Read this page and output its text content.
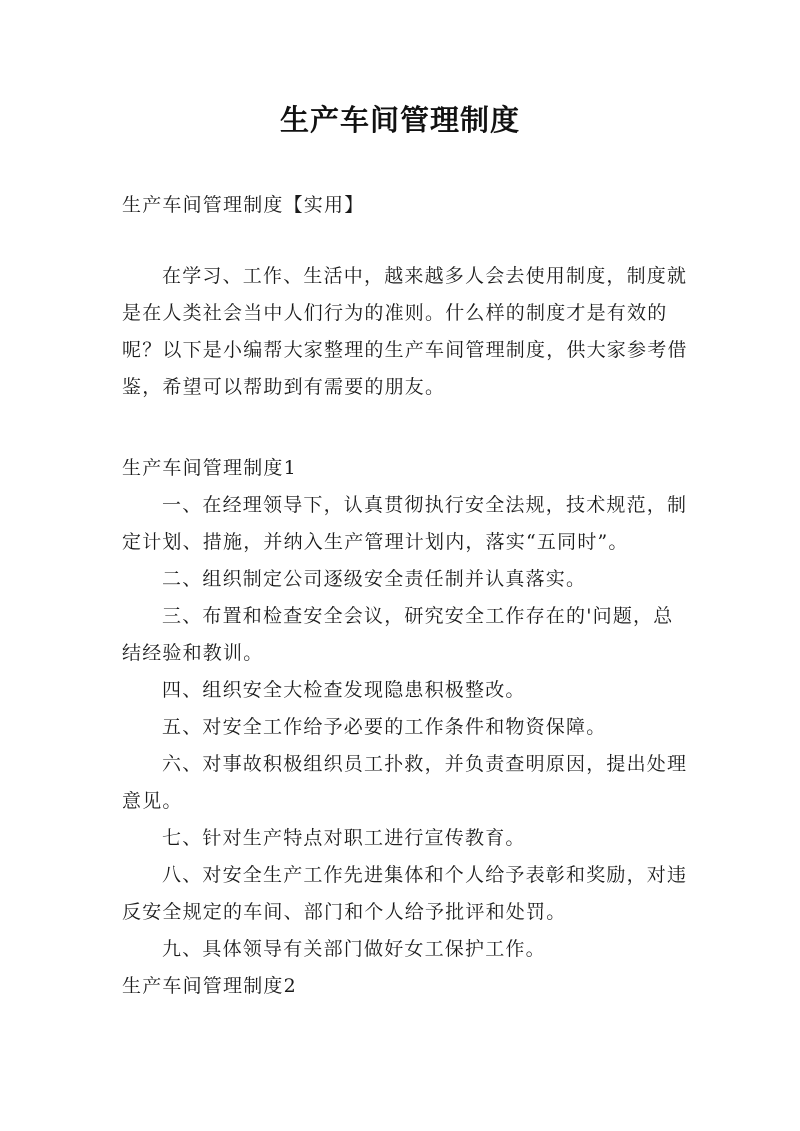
生产车间管理制度
生产车间管理制度【实用】
在学习、工作、生活中，越来越多人会去使用制度，制度就是在人类社会当中人们行为的准则。什么样的制度才是有效的呢？以下是小编帮大家整理的生产车间管理制度，供大家参考借鉴，希望可以帮助到有需要的朋友。
生产车间管理制度1
一、在经理领导下，认真贯彻执行安全法规，技术规范，制定计划、措施，并纳入生产管理计划内，落实“五同时”。
二、组织制定公司逐级安全责任制并认真落实。
三、布置和检查安全会议，研究安全工作存在的'问题，总结经验和教训。
四、组织安全大检查发现隐患积极整改。
五、对安全工作给予必要的工作条件和物资保障。
六、对事故积极组织员工扑救，并负责查明原因，提出处理意见。
七、针对生产特点对职工进行宣传教育。
八、对安全生产工作先进集体和个人给予表彰和奖励，对违反安全规定的车间、部门和个人给予批评和处罚。
九、具体领导有关部门做好女工保护工作。
生产车间管理制度2
